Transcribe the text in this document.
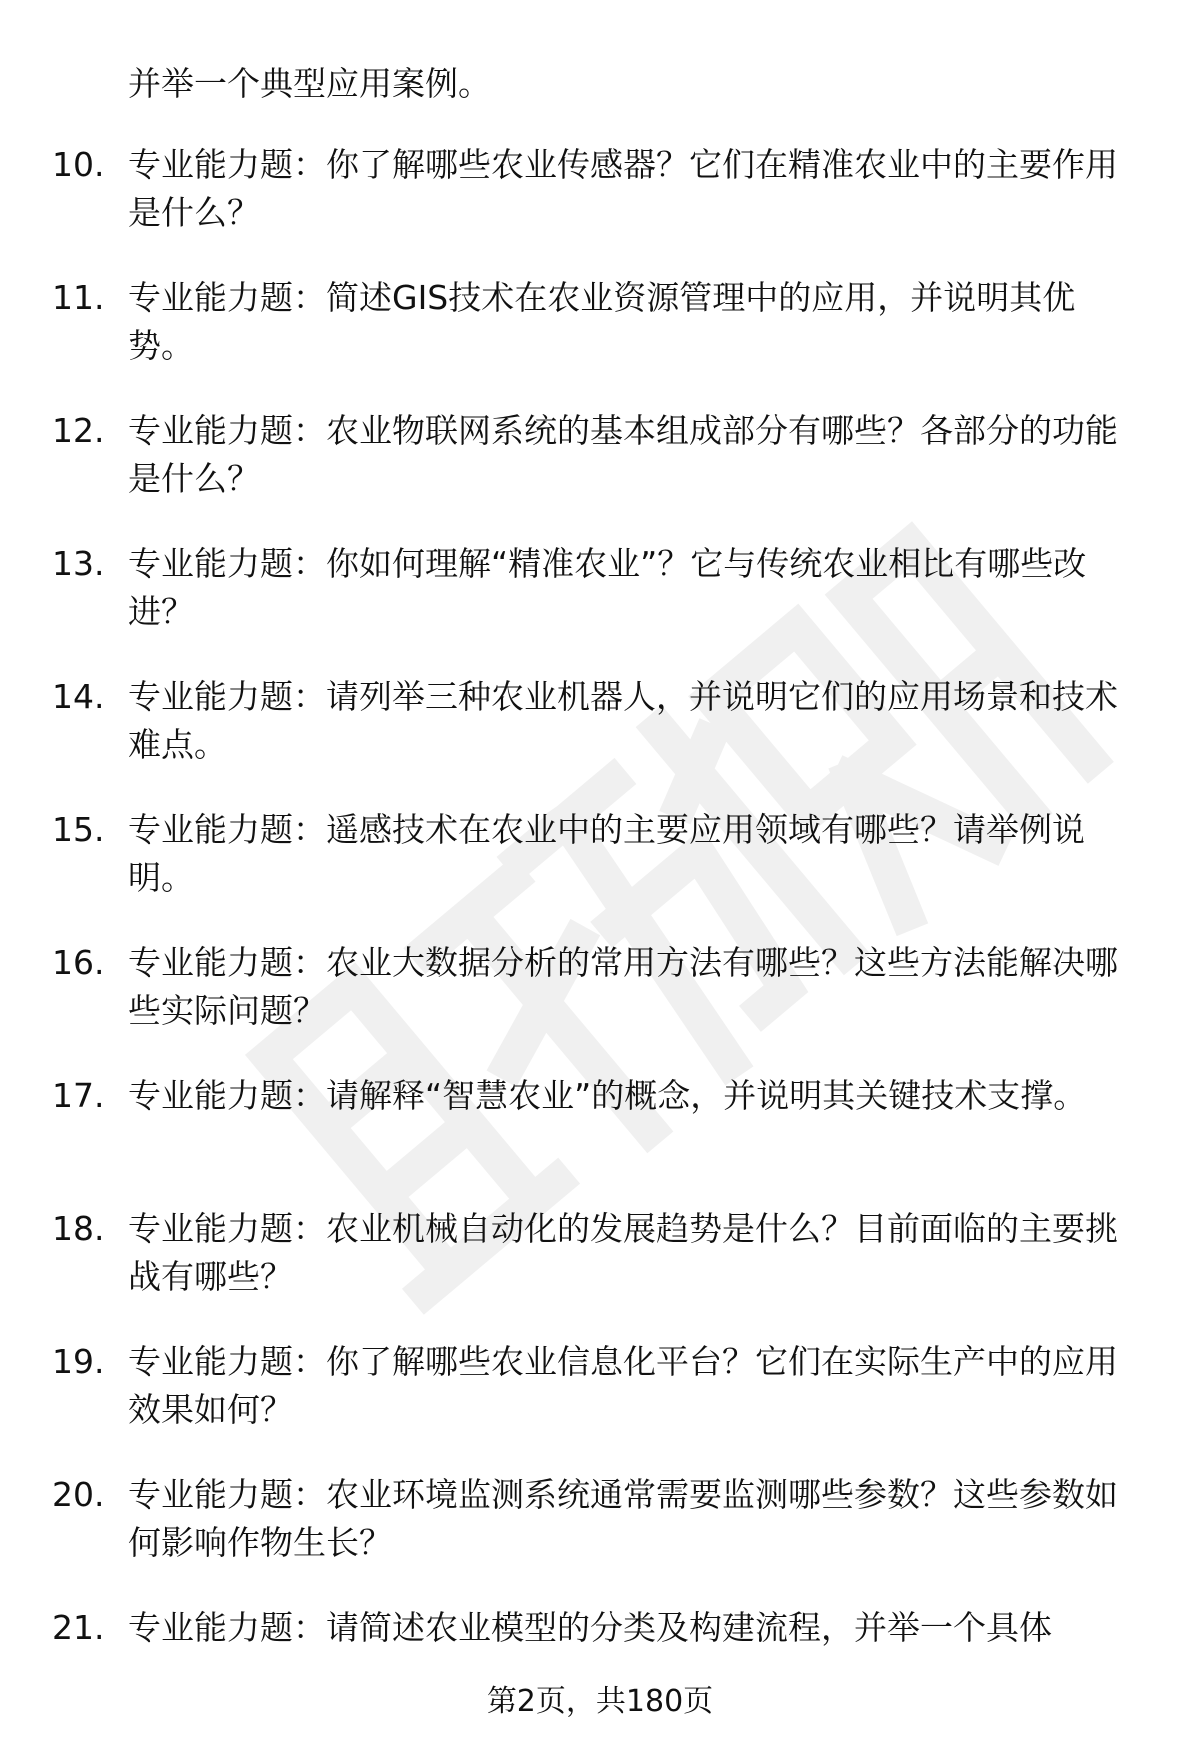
并举一个典型应用案例。
10. 专业能力题：你了解哪些农业传感器？它们在精准农业中的主要作用是什么？
11. 专业能力题：简述GIS技术在农业资源管理中的应用，并说明其优势。
12. 专业能力题：农业物联网系统的基本组成部分有哪些？各部分的功能是什么？
13. 专业能力题：你如何理解“精准农业”？它与传统农业相比有哪些改进？
14. 专业能力题：请列举三种农业机器人，并说明它们的应用场景和技术难点。
15. 专业能力题：遥感技术在农业中的主要应用领域有哪些？请举例说明。
16. 专业能力题：农业大数据分析的常用方法有哪些？这些方法能解决哪些实际问题？
17. 专业能力题：请解释“智慧农业”的概念，并说明其关键技术支撑。
18. 专业能力题：农业机械自动化的发展趋势是什么？目前面临的主要挑战有哪些？
19. 专业能力题：你了解哪些农业信息化平台？它们在实际生产中的应用效果如何？
20. 专业能力题：农业环境监测系统通常需要监测哪些参数？这些参数如何影响作物生长？
21. 专业能力题：请简述农业模型的分类及构建流程，并举一个具体
第2页，共180页
